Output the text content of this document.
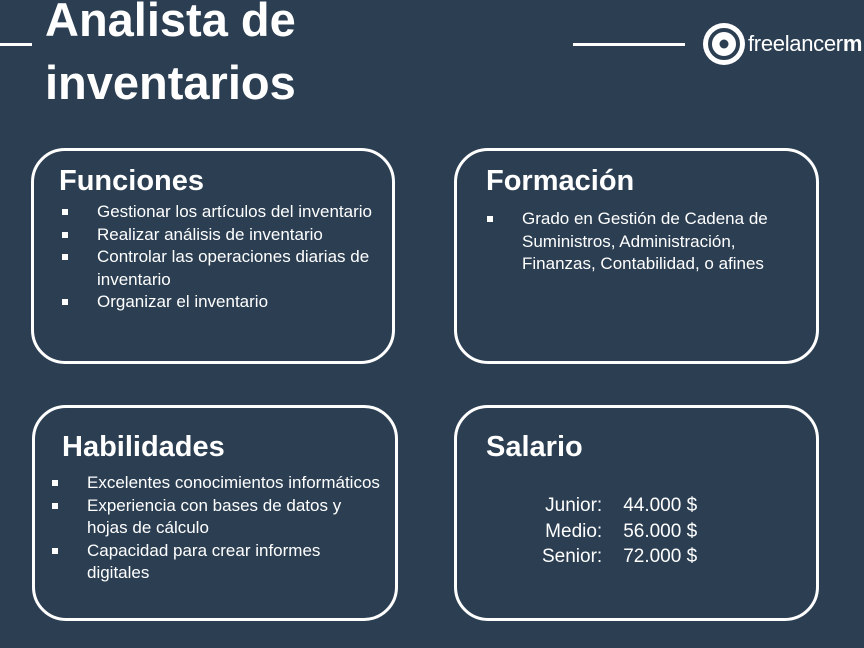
Analista de
inventarios
freelancerm
Funciones
Gestionar los artículos del inventario
Realizar análisis de inventario
Controlar las operaciones diarias de inventario
Organizar el inventario
Formación
Grado en Gestión de Cadena de Suministros, Administración, Finanzas, Contabilidad, o afines
Habilidades
Excelentes conocimientos informáticos
Experiencia con bases de datos y hojas de cálculo
Capacidad para crear informes digitales
Salario
Junior:	44.000 $
Medio:	56.000 $
Senior:	72.000 $
